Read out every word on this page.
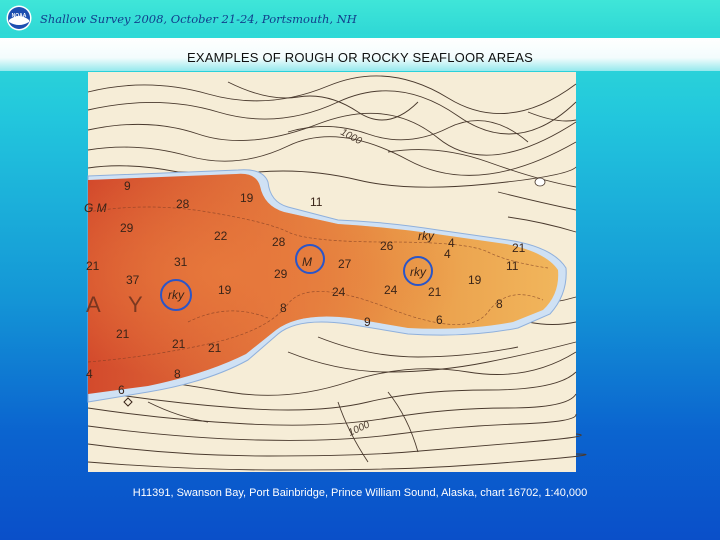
NOAA Shallow Survey 2008, October 21-24, Portsmouth, NH
EXAMPLES OF ROUGH OR ROCKY SEAFLOOR AREAS
1000
1000
A Y
9
28	19
29
22	28
11
26
4	21
31
37	29
27
19
11
21
19
8
24	24	21
8
21
21 21
8
9	6
4
6
4
G M
M
rky
rky
rky
H11391, Swanson Bay, Port Bainbridge, Prince William Sound, Alaska, chart 16702, 1:40,000
